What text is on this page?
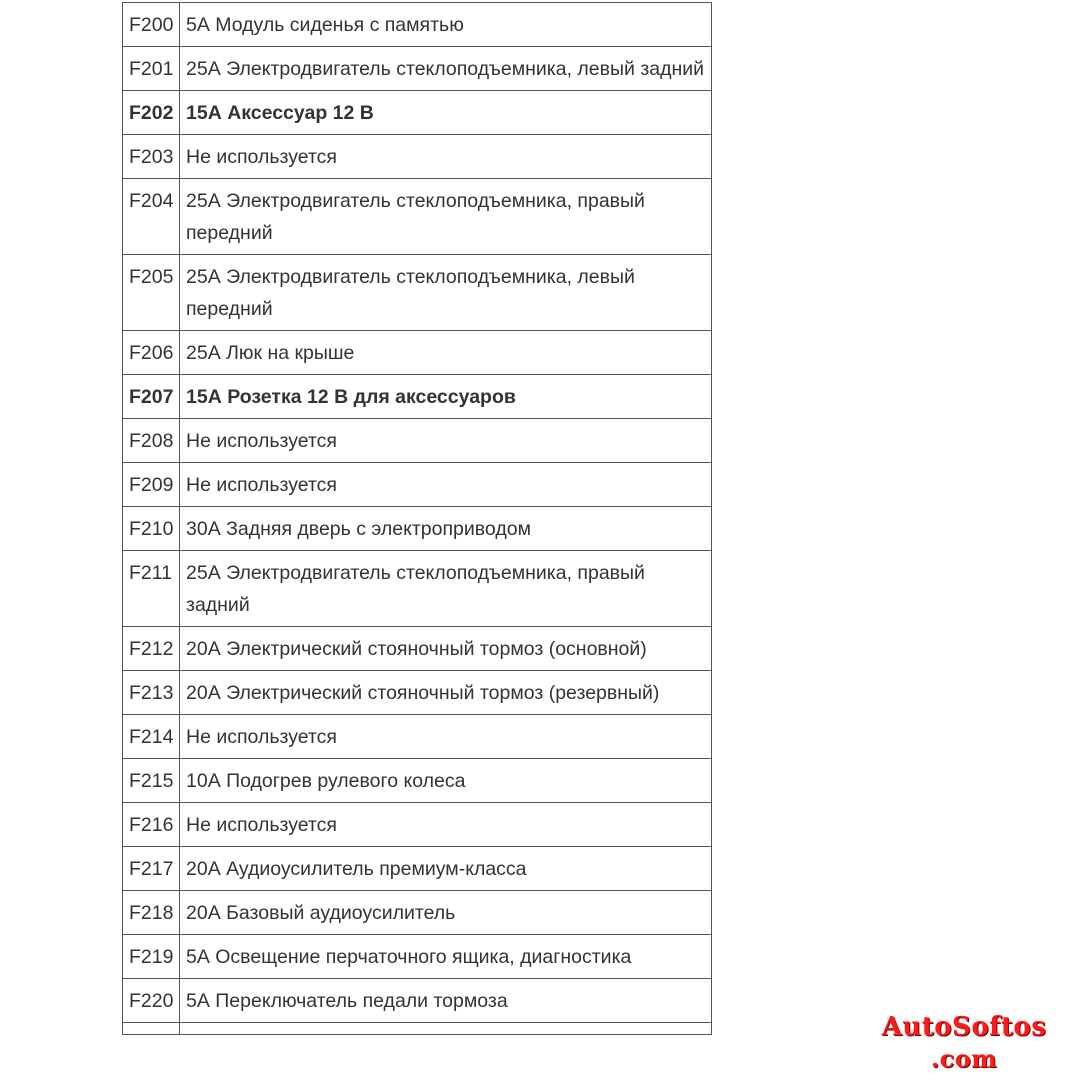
F200	5А Модуль сиденья с памятью
F201	25А Электродвигатель стеклоподъемника, левый задний
F202	15А Аксессуар 12 В
F203	Не используется
F204	25А Электродвигатель стеклоподъемника, правый передний
F205	25А Электродвигатель стеклоподъемника, левый передний
F206	25А Люк на крыше
F207	15А Розетка 12 В для аксессуаров
F208	Не используется
F209	Не используется
F210	30А Задняя дверь с электроприводом
F211	25А Электродвигатель стеклоподъемника, правый задний
F212	20А Электрический стояночный тормоз (основной)
F213	20А Электрический стояночный тормоз (резервный)
F214	Не используется
F215	10А Подогрев рулевого колеса
F216	Не используется
F217	20А Аудиоусилитель премиум-класса
F218	20А Базовый аудиоусилитель
F219	5А Освещение перчаточного ящика, диагностика
F220	5А Переключатель педали тормоза

AutoSoftos
.com
